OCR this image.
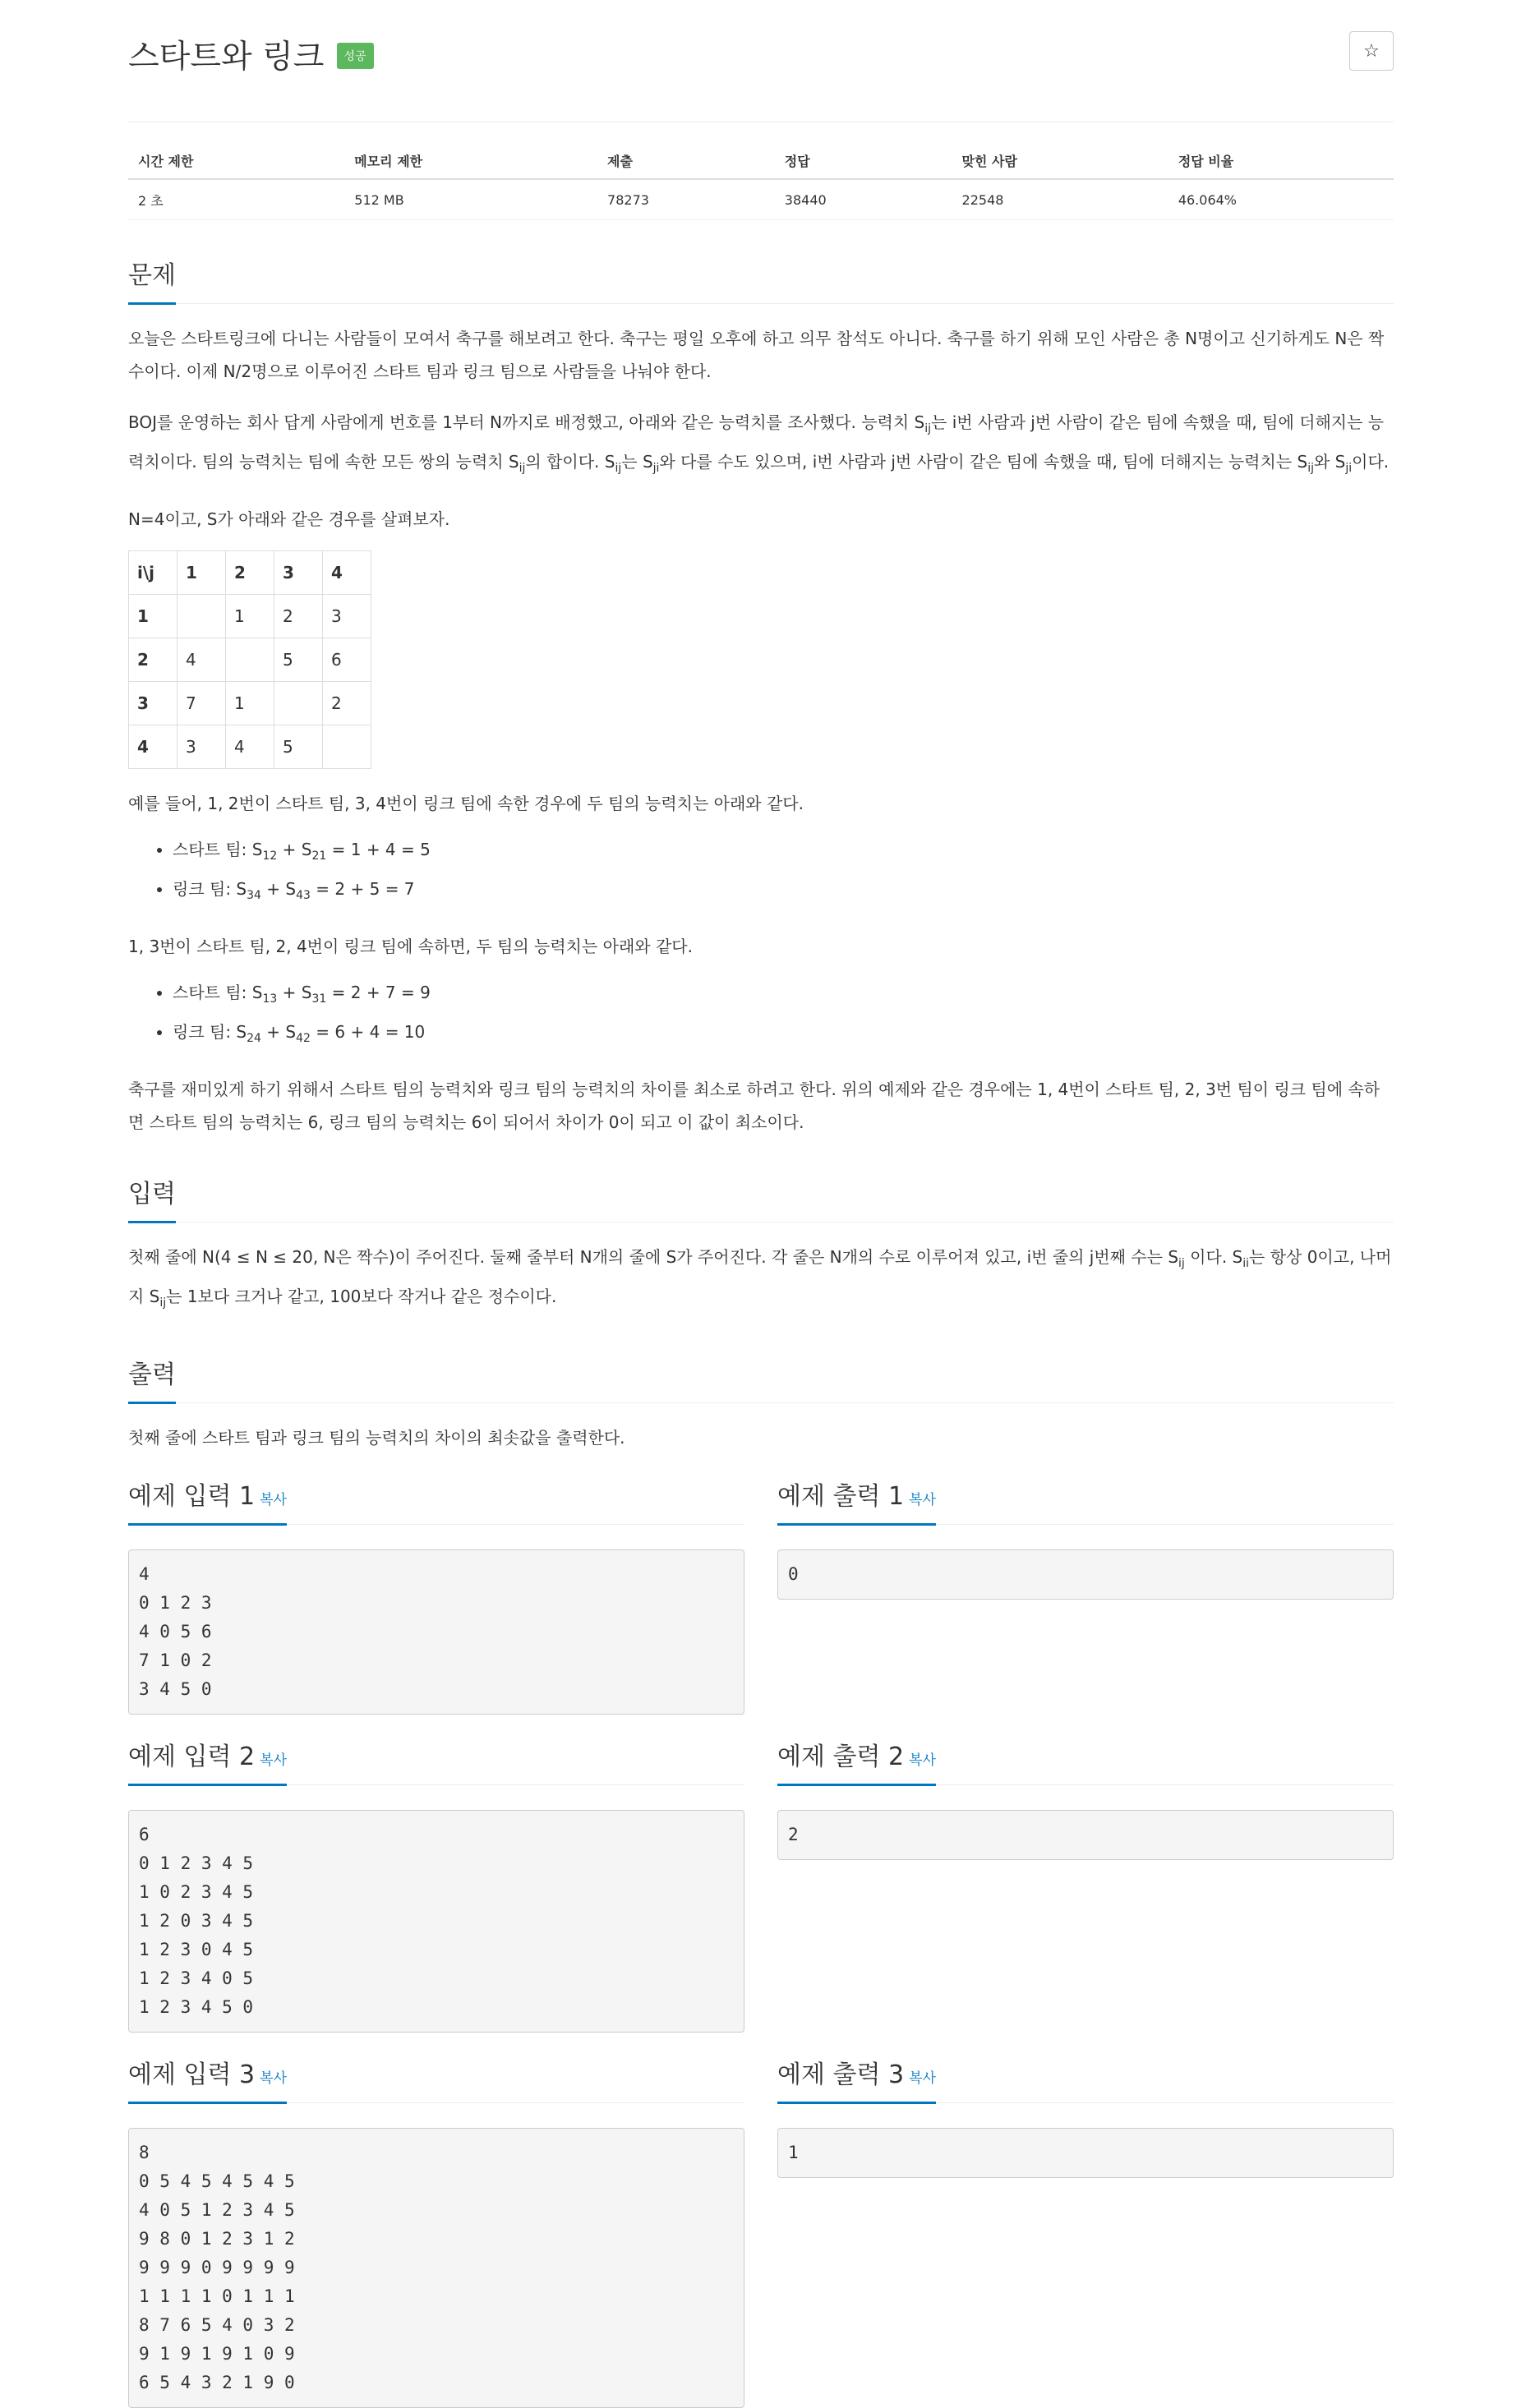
스타트와 링크 성공	☆
시간 제한	메모리 제한	제출	정답	맞힌 사람	정답 비율
2 초	512 MB	78273	38440	22548	46.064%
문제

오늘은 스타트링크에 다니는 사람들이 모여서 축구를 해보려고 한다. 축구는 평일 오후에 하고 의무 참석도 아니다. 축구를 하기 위해 모인 사람은 총 N명이고 신기하게도 N은 짝수이다. 이제 N/2명으로 이루어진 스타트 팀과 링크 팀으로 사람들을 나눠야 한다.

BOJ를 운영하는 회사 답게 사람에게 번호를 1부터 N까지로 배정했고, 아래와 같은 능력치를 조사했다. 능력치 $S_{ij}$는 i번 사람과 j번 사람이 같은 팀에 속했을 때, 팀에 더해지는 능력치이다. 팀의 능력치는 팀에 속한 모든 쌍의 능력치 $S_{ij}$의 합이다. $S_{ij}$는 $S_{ji}$와 다를 수도 있으며, i번 사람과 j번 사람이 같은 팀에 속했을 때, 팀에 더해지는 능력치는 $S_{ij}$와 $S_{ji}$이다.

N=4이고, S가 아래와 같은 경우를 살펴보자.

i\j	1	2	3	4
1		1	2	3
2	4		5	6
3	7	1		2
4	3	4	5	

예를 들어, 1, 2번이 스타트 팀, 3, 4번이 링크 팀에 속한 경우에 두 팀의 능력치는 아래와 같다.

• 스타트 팀: $S_{12} + S_{21} = 1 + 4 = 5$
• 링크 팀: $S_{34} + S_{43} = 2 + 5 = 7$

1, 3번이 스타트 팀, 2, 4번이 링크 팀에 속하면, 두 팀의 능력치는 아래와 같다.

• 스타트 팀: $S_{13} + S_{31} = 2 + 7 = 9$
• 링크 팀: $S_{24} + S_{42} = 6 + 4 = 10$

축구를 재미있게 하기 위해서 스타트 팀의 능력치와 링크 팀의 능력치의 차이를 최소로 하려고 한다. 위의 예제와 같은 경우에는 1, 4번이 스타트 팀, 2, 3번 팀이 링크 팀에 속하면 스타트 팀의 능력치는 6, 링크 팀의 능력치는 6이 되어서 차이가 0이 되고 이 값이 최소이다.

입력

첫째 줄에 N(4 ≤ N ≤ 20, N은 짝수)이 주어진다. 둘째 줄부터 N개의 줄에 S가 주어진다. 각 줄은 N개의 수로 이루어져 있고, i번 줄의 j번째 수는 $S_{ij}$ 이다. $S_{ii}$는 항상 0이고, 나머지 $S_{ij}$는 1보다 크거나 같고, 100보다 작거나 같은 정수이다.

출력

첫째 줄에 스타트 팀과 링크 팀의 능력치의 차이의 최솟값을 출력한다.

예제 입력 1 복사
4
0 1 2 3
4 0 5 6
7 1 0 2
3 4 5 0
예제 출력 1 복사
0
예제 입력 2 복사
6
0 1 2 3 4 5
1 0 2 3 4 5
1 2 0 3 4 5
1 2 3 0 4 5
1 2 3 4 0 5
1 2 3 4 5 0
예제 출력 2 복사
2
예제 입력 3 복사
8
0 5 4 5 4 5 4 5
4 0 5 1 2 3 4 5
9 8 0 1 2 3 1 2
9 9 9 0 9 9 9 9
1 1 1 1 0 1 1 1
8 7 6 5 4 0 3 2
9 1 9 1 9 1 0 9
6 5 4 3 2 1 9 0
예제 출력 3 복사
1
